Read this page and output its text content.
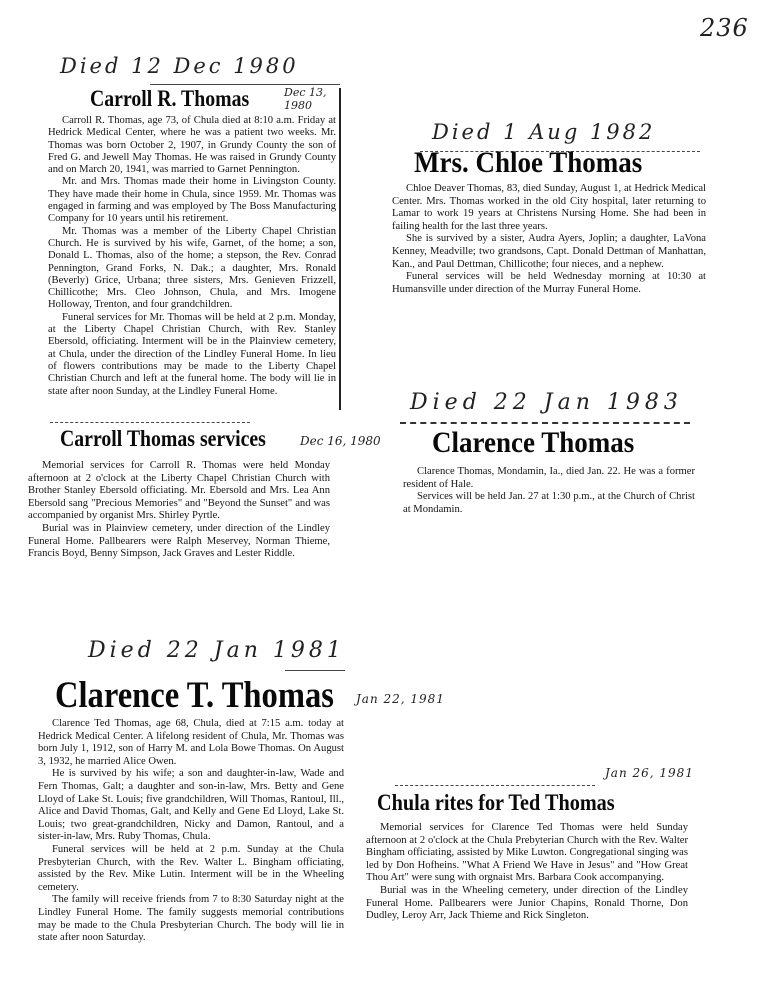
236
Died 12 Dec 1980
Carroll R. Thomas	Dec 13, 1980

Carroll R. Thomas, age 73, of Chula died at 8:10 a.m. Friday at Hedrick Medical Center, where he was a patient two weeks. Mr. Thomas was born October 2, 1907, in Grundy County the son of Fred G. and Jewell May Thomas. He was raised in Grundy County and on March 20, 1941, was married to Garnet Pennington.

Mr. and Mrs. Thomas made their home in Livingston County. They have made their home in Chula, since 1959. Mr. Thomas was engaged in farming and was employed by The Boss Manufacturing Company for 10 years until his retirement.

Mr. Thomas was a member of the Liberty Chapel Christian Church. He is survived by his wife, Garnet, of the home; a son, Donald L. Thomas, also of the home; a stepson, the Rev. Conrad Pennington, Grand Forks, N. Dak.; a daughter, Mrs. Ronald (Beverly) Grice, Urbana; three sisters, Mrs. Genieven Frizzell, Chillicothe; Mrs. Cleo Johnson, Chula, and Mrs. Imogene Holloway, Trenton, and four grandchildren.

Funeral services for Mr. Thomas will be held at 2 p.m. Monday, at the Liberty Chapel Christian Church, with Rev. Stanley Ebersold, officiating. Interment will be in the Plainview cemetery, at Chula, under the direction of the Lindley Funeral Home. In lieu of flowers contributions may be made to the Liberty Chapel Christian Church and left at the funeral home. The body will lie in state after noon Sunday, at the Lindley Funeral Home.

Carroll Thomas services	Dec 16, 1980

Memorial services for Carroll R. Thomas were held Monday afternoon at 2 o'clock at the Liberty Chapel Christian Church with Brother Stanley Ebersold officiating. Mr. Ebersold and Mrs. Lea Ann Ebersold sang "Precious Memories" and "Beyond the Sunset" and was accompanied by organist Mrs. Shirley Pyrtle.

Burial was in Plainview cemetery, under direction of the Lindley Funeral Home. Pallbearers were Ralph Meservey, Norman Thieme, Francis Boyd, Benny Simpson, Jack Graves and Lester Riddle.

Died 1 Aug 1982
Mrs. Chloe Thomas

Chloe Deaver Thomas, 83, died Sunday, August 1, at Hedrick Medical Center. Mrs. Thomas worked in the old City hospital, later returning to Lamar to work 19 years at Christens Nursing Home. She had been in failing health for the last three years.

She is survived by a sister, Audra Ayers, Joplin; a daughter, LaVona Kenney, Meadville; two grandsons, Capt. Donald Dettman of Manhattan, Kan., and Paul Dettman, Chillicothe; four nieces, and a nephew.

Funeral services will be held Wednesday morning at 10:30 at Humansville under direction of the Murray Funeral Home.

Died 22 Jan 1983
Clarence Thomas

Clarence Thomas, Mondamin, Ia., died Jan. 22. He was a former resident of Hale.

Services will be held Jan. 27 at 1:30 p.m., at the Church of Christ at Mondamin.

Died 22 Jan 1981
Clarence T. Thomas Jan 22, 1981

Clarence Ted Thomas, age 68, Chula, died at 7:15 a.m. today at Hedrick Medical Center. A lifelong resident of Chula, Mr. Thomas was born July 1, 1912, son of Harry M. and Lola Bowe Thomas. On August 3, 1932, he married Alice Owen.

He is survived by his wife; a son and daughter-in-law, Wade and Fern Thomas, Galt; a daughter and son-in-law, Mrs. Betty and Gene Lloyd of Lake St. Louis; five grandchildren, Will Thomas, Rantoul, Ill., Alice and David Thomas, Galt, and Kelly and Gene Ed Lloyd, Lake St. Louis; two great-grandchildren, Nicky and Damon, Rantoul, and a sister-in-law, Mrs. Ruby Thomas, Chula.

Funeral services will be held at 2 p.m. Sunday at the Chula Presbyterian Church, with the Rev. Walter L. Bingham officiating, assisted by the Rev. Mike Lutin. Interment will be in the Wheeling cemetery.

The family will receive friends from 7 to 8:30 Saturday night at the Lindley Funeral Home. The family suggests memorial contributions may be made to the Chula Presbyterian Church. The body will lie in state after noon Saturday.

Chula rites for Ted Thomas
Jan 26, 1981

Memorial services for Clarence Ted Thomas were held Sunday afternoon at 2 o'clock at the Chula Prebyterian Church with the Rev. Walter Bingham officiating, assisted by Mike Luwton. Congregational singing was led by Don Hofheins. "What A Friend We Have in Jesus" and "How Great Thou Art" were sung with orgnaist Mrs. Barbara Cook accompanying.

Burial was in the Wheeling cemetery, under direction of the Lindley Funeral Home. Pallbearers were Junior Chapins, Ronald Thorne, Don Dudley, Leroy Arr, Jack Thieme and Rick Singleton.
